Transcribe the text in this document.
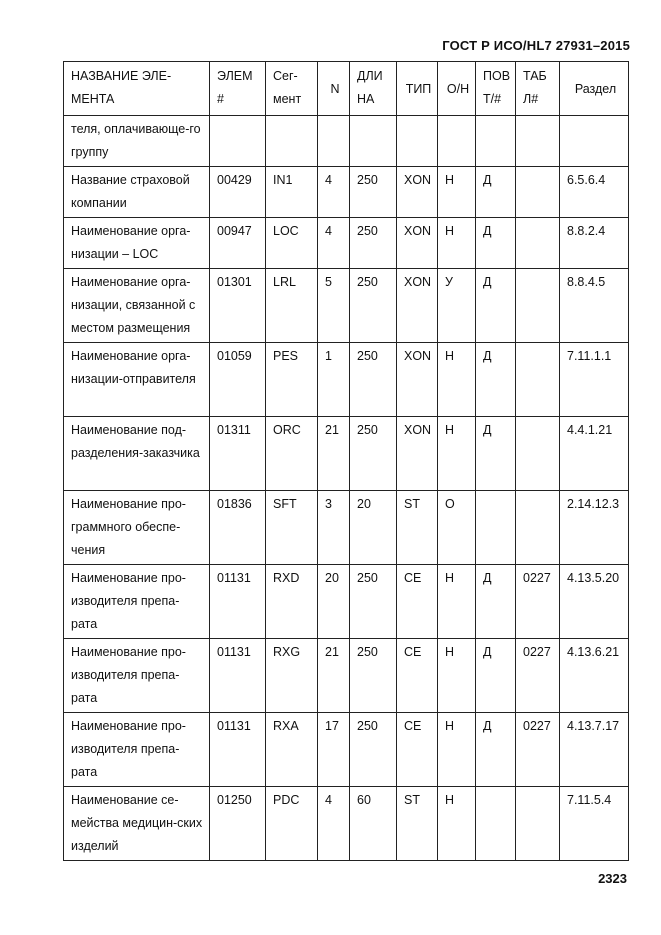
ГОСТ Р ИСО/HL7 27931–2015
НАЗВАНИЕ ЭЛЕ-МЕНТА	ЭЛЕМ #	Сег-мент	N	ДЛИ НА	ТИП	О/Н	ПОВ Т/#	ТАБ Л#	Раздел
теля, оплачивающе-го группу									
Название страховой компании	00429	IN1	4	250	XON	Н	Д		6.5.6.4
Наименование орга-низации – LOC	00947	LOC	4	250	XON	Н	Д		8.8.2.4
Наименование орга-низации, связанной с местом размещения	01301	LRL	5	250	XON	У	Д		8.8.4.5
Наименование орга-низации-отправителя	01059	PES	1	250	XON	Н	Д		7.11.1.1
Наименование под-разделения-заказчика	01311	ORC	21	250	XON	Н	Д		4.4.1.21
Наименование про-граммного обеспе-чения	01836	SFT	3	20	ST	О			2.14.12.3
Наименование про-изводителя препа-рата	01131	RXD	20	250	CE	Н	Д	0227	4.13.5.20
Наименование про-изводителя препа-рата	01131	RXG	21	250	CE	Н	Д	0227	4.13.6.21
Наименование про-изводителя препа-рата	01131	RXA	17	250	CE	Н	Д	0227	4.13.7.17
Наименование се-мейства медицин-ских изделий	01250	PDC	4	60	ST	Н			7.11.5.4
2323
